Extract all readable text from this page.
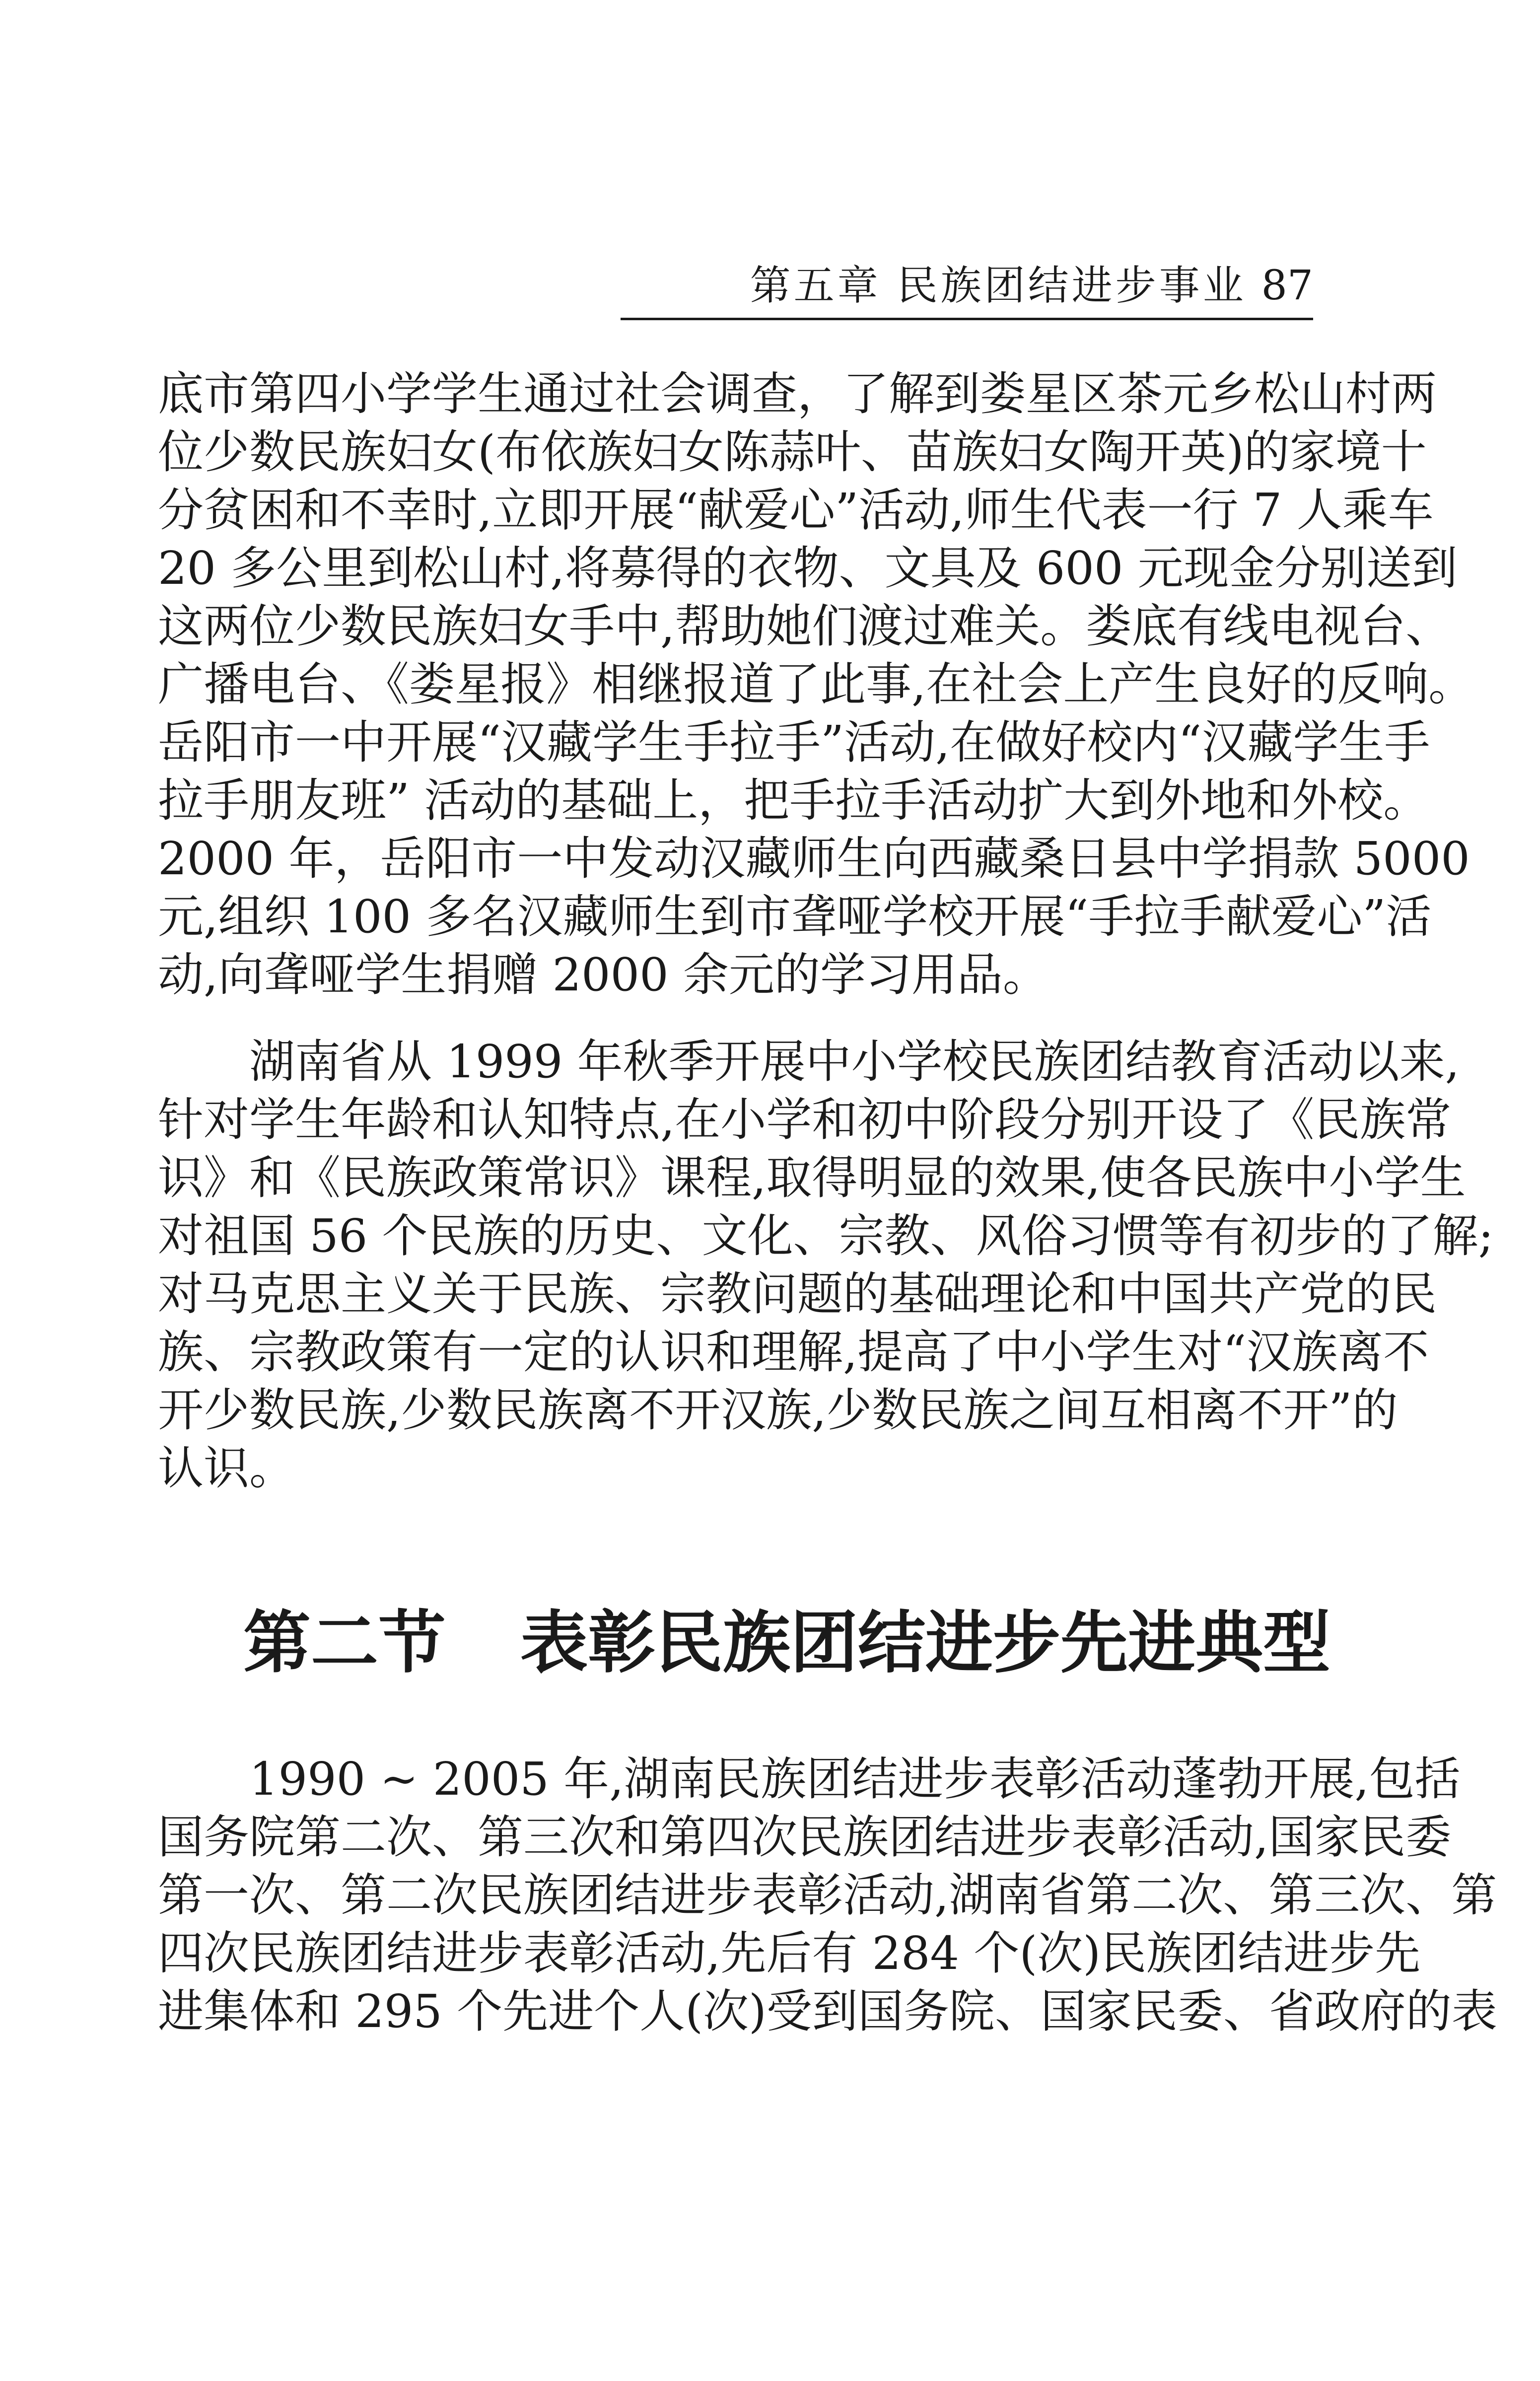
第五章 民族团结进步事业 87
底市第四小学学生通过社会调查，了解到娄星区茶元乡松山村两
位少数民族妇女(布依族妇女陈蒜叶、苗族妇女陶开英)的家境十
分贫困和不幸时,立即开展“献爱心”活动,师生代表一行 7 人乘车
20 多公里到松山村,将募得的衣物、文具及 600 元现金分别送到
这两位少数民族妇女手中,帮助她们渡过难关。娄底有线电视台、
广播电台、《娄星报》相继报道了此事,在社会上产生良好的反响。
岳阳市一中开展“汉藏学生手拉手”活动,在做好校内“汉藏学生手
拉手朋友班” 活动的基础上，把手拉手活动扩大到外地和外校。
2000 年，岳阳市一中发动汉藏师生向西藏桑日县中学捐款 5000
元,组织 100 多名汉藏师生到市聋哑学校开展“手拉手献爱心”活
动,向聋哑学生捐赠 2000 余元的学习用品。
湖南省从 1999 年秋季开展中小学校民族团结教育活动以来,
针对学生年龄和认知特点,在小学和初中阶段分别开设了《民族常
识》和《民族政策常识》课程,取得明显的效果,使各民族中小学生
对祖国 56 个民族的历史、文化、宗教、风俗习惯等有初步的了解;
对马克思主义关于民族、宗教问题的基础理论和中国共产党的民
族、宗教政策有一定的认识和理解,提高了中小学生对“汉族离不
开少数民族,少数民族离不开汉族,少数民族之间互相离不开”的
认识。
第二节 表彰民族团结进步先进典型
1990 ~ 2005 年,湖南民族团结进步表彰活动蓬勃开展,包括
国务院第二次、第三次和第四次民族团结进步表彰活动,国家民委
第一次、第二次民族团结进步表彰活动,湖南省第二次、第三次、第
四次民族团结进步表彰活动,先后有 284 个(次)民族团结进步先
进集体和 295 个先进个人(次)受到国务院、国家民委、省政府的表
